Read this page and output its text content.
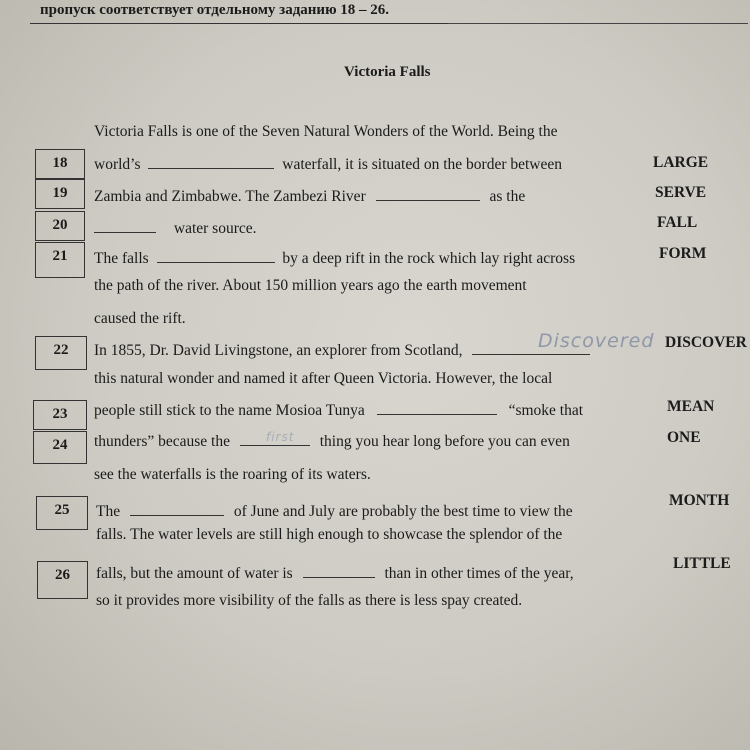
пропуск соответствует отдельному заданию 18 – 26.
Victoria Falls
18
19
20
21
22
23
24
25
26
Victoria Falls is one of the Seven Natural Wonders of the World. Being the
world’s	waterfall, it is situated on the border between
Zambia and Zimbabwe. The Zambezi River	as the
water source.
The falls	by a deep rift in the rock which lay right across
the path of the river. About 150 million years ago the earth movement
caused the rift.
In 1855, Dr. David Livingstone, an explorer from Scotland,
this natural wonder and named it after Queen Victoria. However, the local
people still stick to the name Mosioa Tunya	“smoke that
thunders” because the	thing you hear long before you can even
see the waterfalls is the roaring of its waters.
The	of June and July are probably the best time to view the
falls. The water levels are still high enough to showcase the splendor of the
falls, but the amount of water is	than in other times of the year,
so it provides more visibility of the falls as there is less spay created.
Discovered
first
LARGE
SERVE
FALL
FORM
DISCOVER
MEAN
ONE
MONTH
LITTLE
